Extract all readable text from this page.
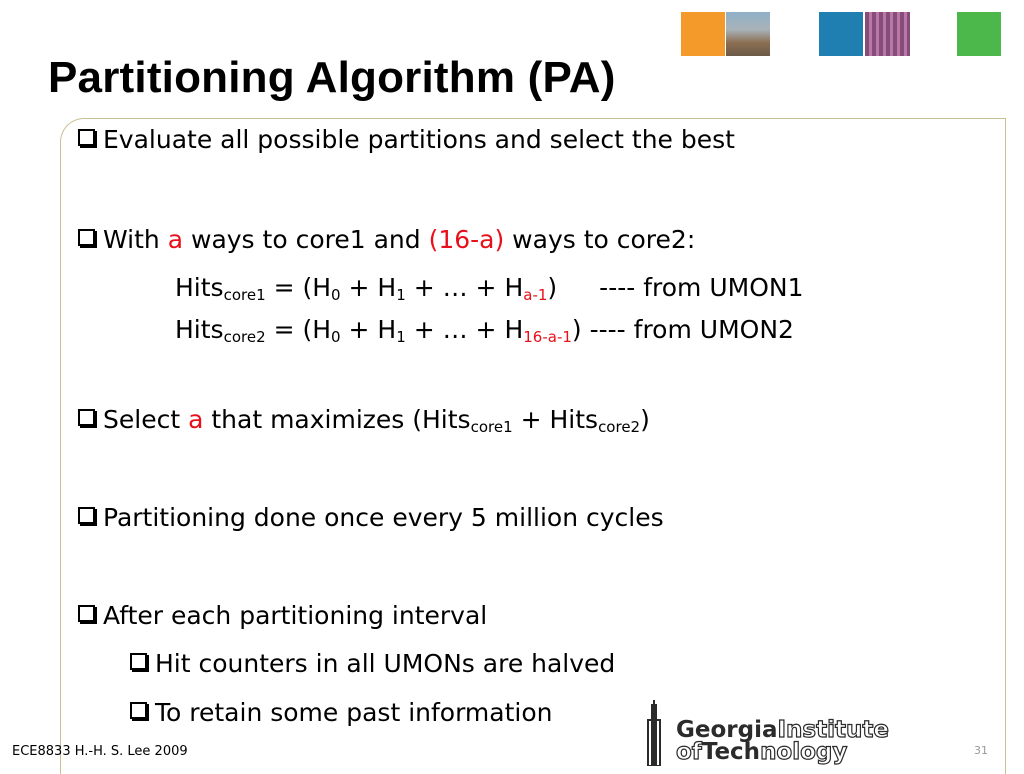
Partitioning Algorithm (PA)
Evaluate all possible partitions and select the best
With a ways to core1 and (16-a) ways to core2:
Hits$_{core1}$ = ($H_0 + H_1$ + … + $H_{a-1}$) ---- from UMON1
Hits$_{core2}$ = ($H_0 + H_1$ + … + $H_{16-a-1}$) ---- from UMON2
Select a that maximizes (Hits$_{core1}$ + Hits$_{core2}$)
Partitioning done once every 5 million cycles
After each partitioning interval
Hit counters in all UMONs are halved
To retain some past information
GeorgiaInstitute
ofTechnology
ECE8833 H.-H. S. Lee 2009	31
